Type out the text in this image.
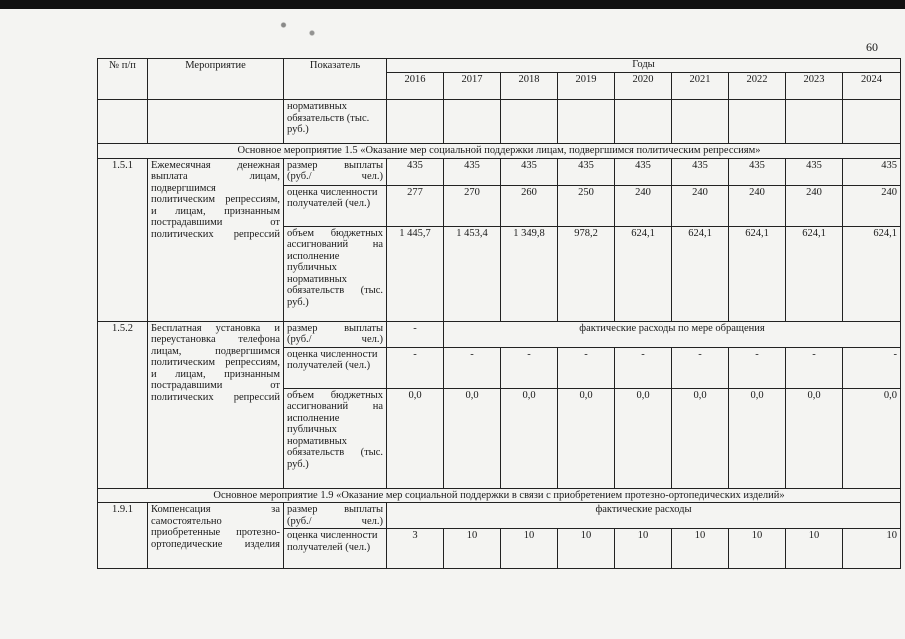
60
№ п/п	Мероприятие	Показатель	Годы								
			2016	2017	2018	2019	2020	2021	2022	2023	2024
		нормативных обязательств (тыс. руб.)									
Основное мероприятие 1.5 «Оказание мер социальной поддержки лицам, подвергшимся политическим репрессиям»											
1.5.1	Ежемесячная денежная выплата лицам, подвергшимся политическим репрессиям, и лицам, признанным пострадавшими от политических репрессий	размер выплаты (руб./ чел.)	435	435	435	435	435	435	435	435	435
		оценка численности получателей (чел.)	277	270	260	250	240	240	240	240	240
		объем бюджетных ассигнований на исполнение публичных нормативных обязательств (тыс. руб.)	1 445,7	1 453,4	1 349,8	978,2	624,1	624,1	624,1	624,1	624,1
1.5.2	Бесплатная установка и переустановка телефона лицам, подвергшимся политическим репрессиям, и лицам, признанным пострадавшими от политических репрессий	размер выплаты (руб./ чел.)	-	фактические расходы по мере обращения							
		оценка численности получателей (чел.)	-	-	-	-	-	-	-	-	-
		объем бюджетных ассигнований на исполнение публичных нормативных обязательств (тыс. руб.)	0,0	0,0	0,0	0,0	0,0	0,0	0,0	0,0	0,0
Основное мероприятие 1.9 «Оказание мер социальной поддержки в связи с приобретением протезно-ортопедических изделий»											
1.9.1	Компенсация за самостоятельно приобретенные протезно-ортопедические изделия	размер выплаты (руб./ чел.)	фактические расходы								
		оценка численности получателей (чел.)	3	10	10	10	10	10	10	10	10
